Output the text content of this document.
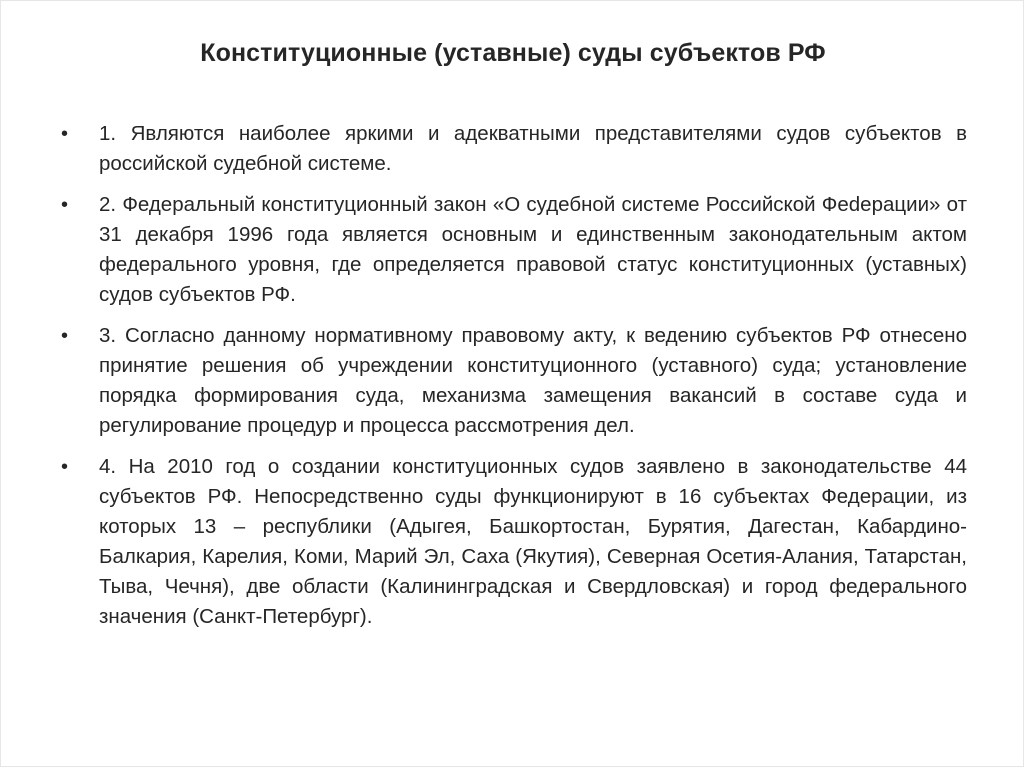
Конституционные (уставные) суды субъектов РФ
•	1. Являются наиболее яркими и адекватными представителями судов субъектов в российской судебной системе.
•	2. Федеральный конституционный закон «О судебной системе Российской Феdерации» от 31 декабря 1996 года является основным и единственным законодательным актом федерального уровня, где определяется правовой статус конституционных (уставных) судов субъектов РФ.
•	3. Согласно данному нормативному правовому акту, к ведению субъектов РФ отнесено принятие решения об учреждении конституционного (уставного) суда; установление порядка формирования суда, механизма замещения вакансий в составе суда и регулирование процедур и процесса рассмотрения дел.
•	4. На 2010 год о создании конституционных судов заявлено в законодательстве 44 субъектов РФ. Непосредственно суды функционируют в 16 субъектах Федерации, из которых 13 – республики (Адыгея, Башкортостан, Бурятия, Дагестан, Кабардино-Балкария, Карелия, Коми, Марий Эл, Саха (Якутия), Северная Осетия-Алания, Татарстан, Тыва, Чечня), две области (Калининградская и Свердловская) и город федерального значения (Санкт-Петербург).
